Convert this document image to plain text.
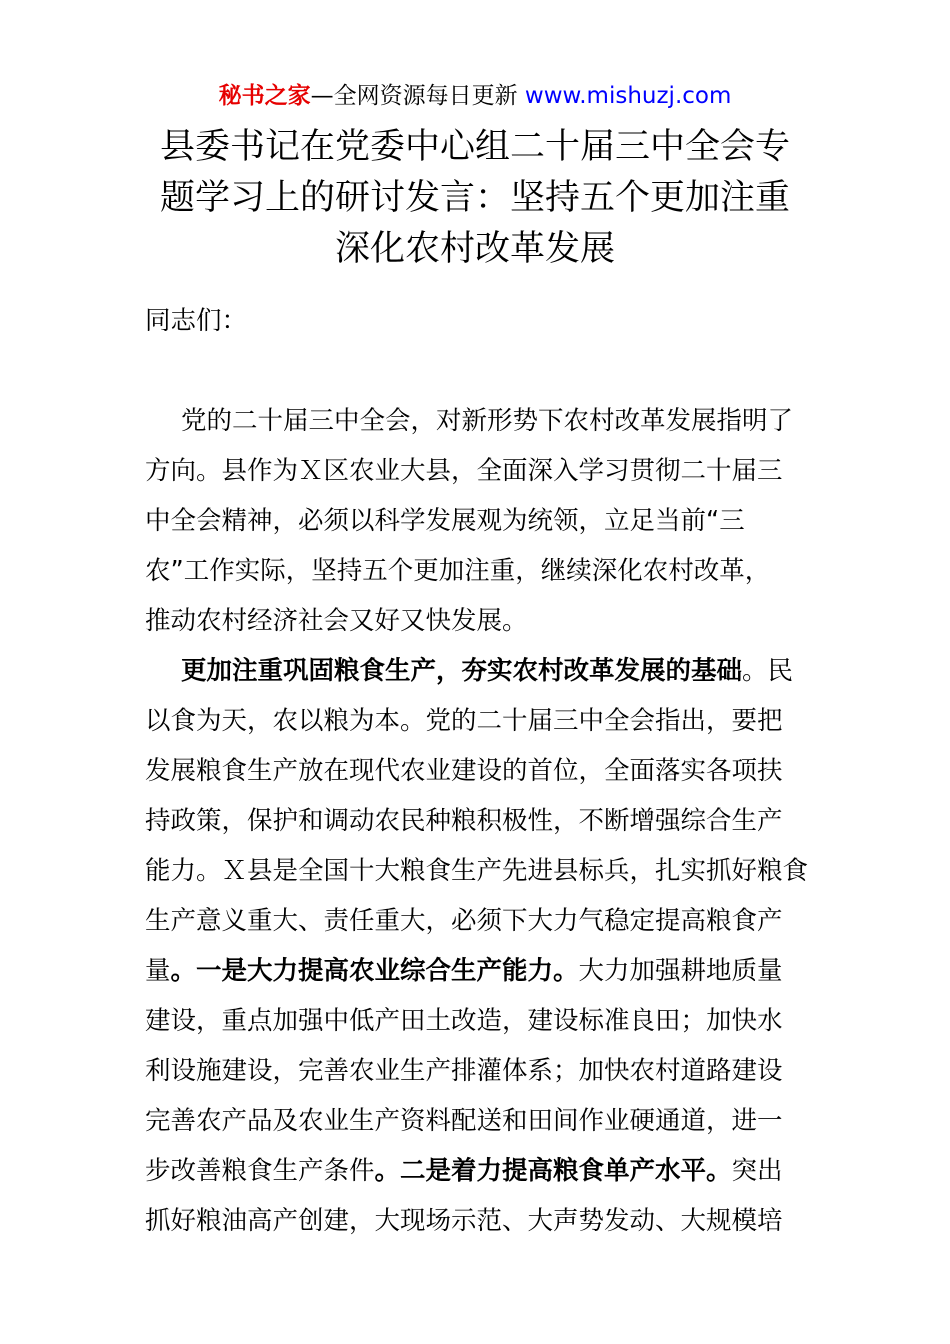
秘书之家—全网资源每日更新 www.mishuzj.com
县委书记在党委中心组二十届三中全会专
题学习上的研讨发言：坚持五个更加注重
深化农村改革发展
同志们：
党的二十届三中全会，对新形势下农村改革发展指明了
方向。县作为Ｘ区农业大县，全面深入学习贯彻二十届三
中全会精神，必须以科学发展观为统领，立足当前“三
农”工作实际，坚持五个更加注重，继续深化农村改革，
推动农村经济社会又好又快发展。
更加注重巩固粮食生产，夯实农村改革发展的基础。民
以食为天，农以粮为本。党的二十届三中全会指出，要把
发展粮食生产放在现代农业建设的首位，全面落实各项扶
持政策，保护和调动农民种粮积极性，不断增强综合生产
能力。Ｘ县是全国十大粮食生产先进县标兵，扎实抓好粮食
生产意义重大、责任重大，必须下大力气稳定提高粮食产
量。一是大力提高农业综合生产能力。大力加强耕地质量
建设，重点加强中低产田土改造，建设标准良田；加快水
利设施建设，完善农业生产排灌体系；加快农村道路建设
完善农产品及农业生产资料配送和田间作业硬通道，进一
步改善粮食生产条件。二是着力提高粮食单产水平。突出
抓好粮油高产创建，大现场示范、大声势发动、大规模培
